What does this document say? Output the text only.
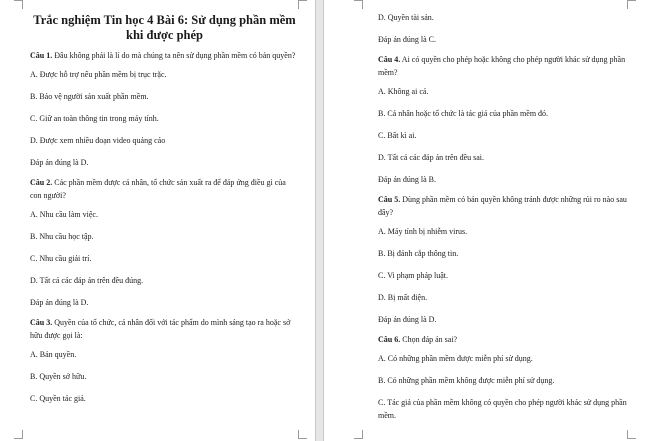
Trắc nghiệm Tin học 4 Bài 6: Sử dụng phần mềm khi được phép

Câu 1. Đâu không phải là lí do mà chúng ta nên sử dụng phần mềm có bản quyền?

A. Được hỗ trợ nếu phần mềm bị trục trặc.

B. Bảo vệ người sản xuất phần mềm.

C. Giữ an toàn thông tin trong máy tính.

D. Được xem nhiều đoạn video quảng cáo

Đáp án đúng là D.

Câu 2. Các phần mềm được cá nhân, tổ chức sản xuất ra để đáp ứng điều gì của con người?

A. Nhu cầu làm việc.

B. Nhu cầu học tập.

C. Nhu cầu giải trí.

D. Tất cả các đáp án trên đều đúng.

Đáp án đúng là D.

Câu 3. Quyền của tổ chức, cá nhân đối với tác phẩm do mình sáng tạo ra hoặc sở hữu được gọi là:

A. Bản quyền.

B. Quyền sở hữu.

C. Quyền tác giả.

D. Quyền tài sản.

Đáp án đúng là C.

Câu 4. Ai có quyền cho phép hoặc không cho phép người khác sử dụng phần mềm?

A. Không ai cả.

B. Cá nhân hoặc tổ chức là tác giả của phần mềm đó.

C. Bất kì ai.

D. Tất cả các đáp án trên đều sai.

Đáp án đúng là B.

Câu 5. Dùng phần mềm có bản quyền không tránh được những rủi ro nào sau đây?

A. Máy tính bị nhiễm virus.

B. Bị đánh cắp thông tin.

C. Vi phạm pháp luật.

D. Bị mất điện.

Đáp án đúng là D.

Câu 6. Chọn đáp án sai?

A. Có những phần mềm được miễn phí sử dụng.

B. Có những phần mềm không được miễn phí sử dụng.

C. Tác giả của phần mềm không có quyền cho phép người khác sử dụng phần mềm.
